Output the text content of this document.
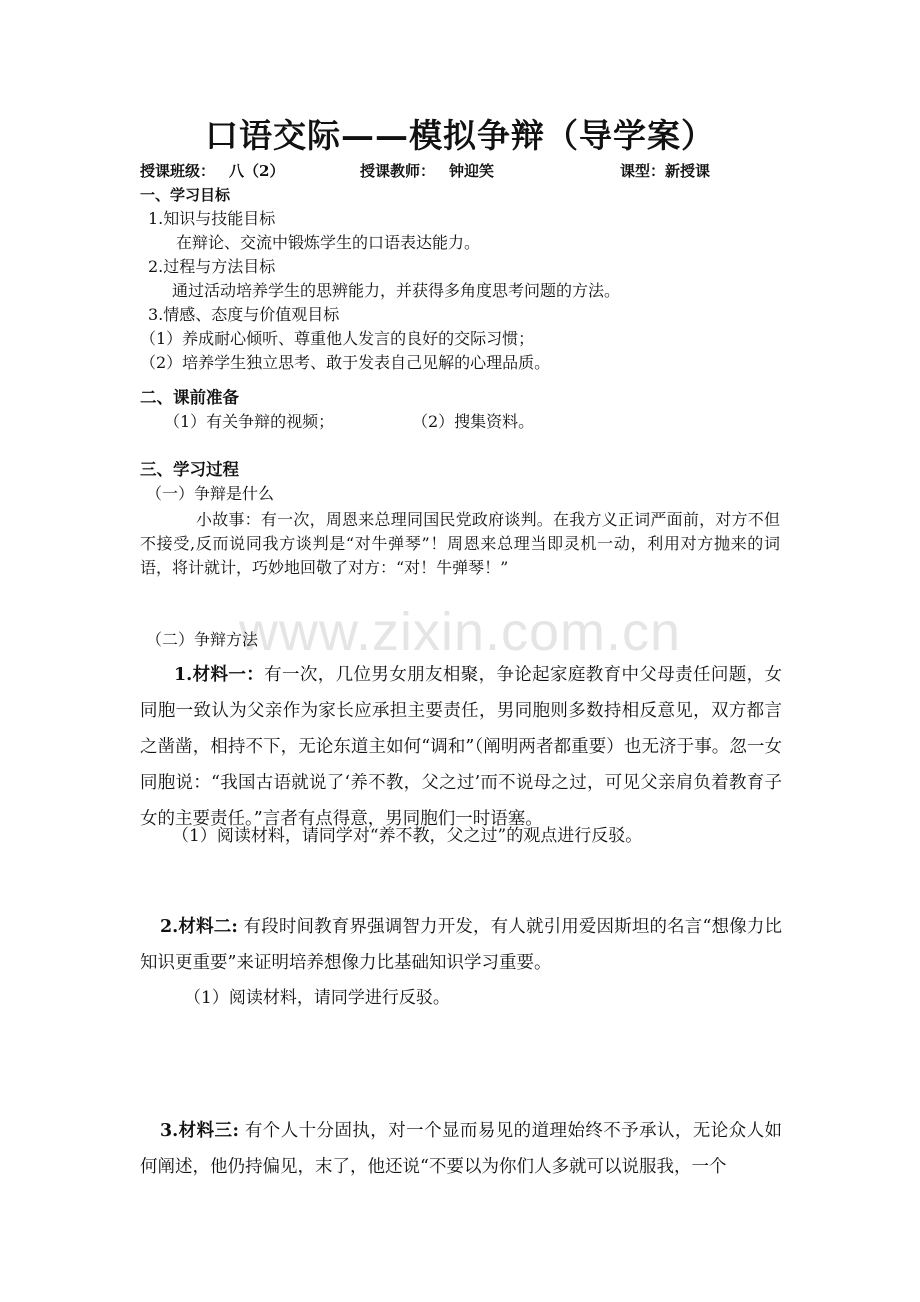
www.zixin.com.cn
口语交际——模拟争辩（导学案）
授课班级： 八（2）	授课教师： 钟迎笑	课型：新授课
一、学习目标
1.知识与技能目标
在辩论、交流中锻炼学生的口语表达能力。
2.过程与方法目标
通过活动培养学生的思辨能力，并获得多角度思考问题的方法。
3.情感、态度与价值观目标
（1）养成耐心倾听、尊重他人发言的良好的交际习惯；
（2）培养学生独立思考、敢于发表自己见解的心理品质。
二、课前准备
（1）有关争辩的视频；	（2）搜集资料。
三、学习过程
（一）争辩是什么
小故事：有一次，周恩来总理同国民党政府谈判。在我方义正词严面前，对方不但不接受,反而说同我方谈判是“对牛弹琴”！周恩来总理当即灵机一动，利用对方抛来的词语，将计就计，巧妙地回敬了对方：“对！牛弹琴！”
（二）争辩方法
1.材料一：有一次，几位男女朋友相聚，争论起家庭教育中父母责任问题，女同胞一致认为父亲作为家长应承担主要责任，男同胞则多数持相反意见，双方都言之凿凿，相持不下，无论东道主如何“调和”（阐明两者都重要）也无济于事。忽一女同胞说：“我国古语就说了‘养不教，父之过’而不说母之过，可见父亲肩负着教育子女的主要责任。”言者有点得意，男同胞们一时语塞。
（1）阅读材料，请同学对“养不教，父之过”的观点进行反驳。
2.材料二: 有段时间教育界强调智力开发，有人就引用爱因斯坦的名言“想像力比知识更重要”来证明培养想像力比基础知识学习重要。
（1）阅读材料，请同学进行反驳。
3.材料三: 有个人十分固执，对一个显而易见的道理始终不予承认，无论众人如何阐述，他仍持偏见，末了，他还说“不要以为你们人多就可以说服我，一个
